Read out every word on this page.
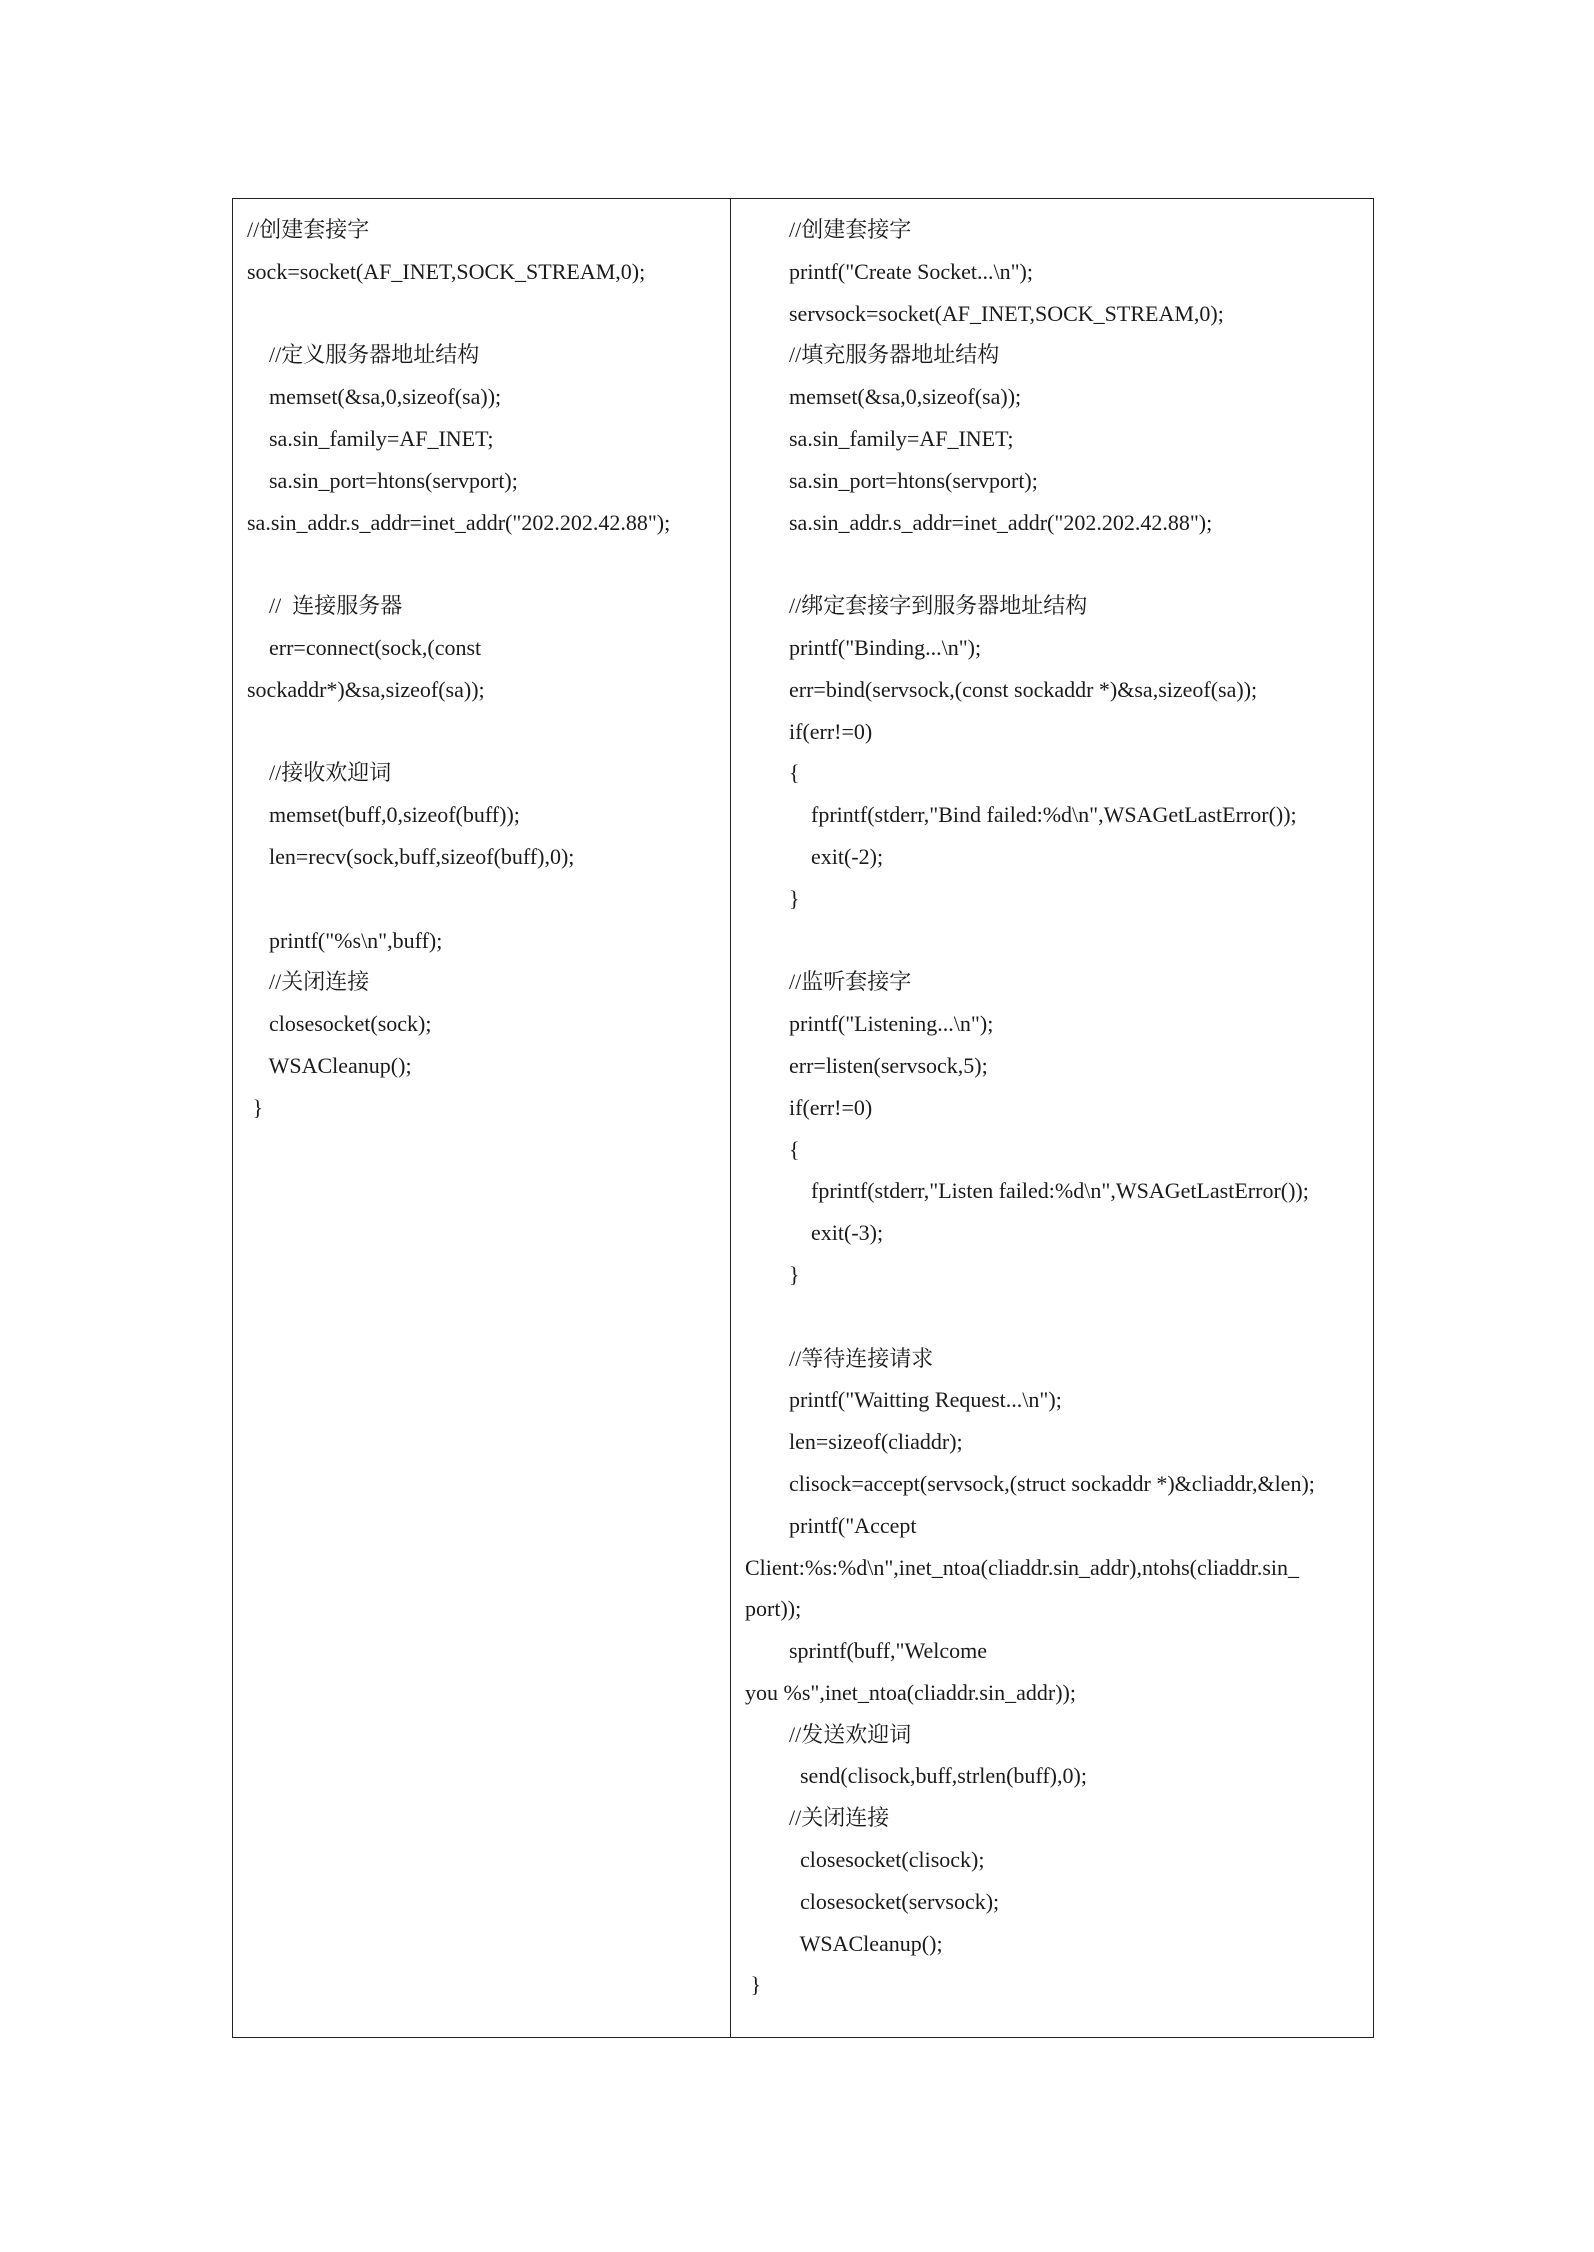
//创建套接字
sock=socket(AF_INET,SOCK_STREAM,0);
//定义服务器地址结构
memset(&sa,0,sizeof(sa));
sa.sin_family=AF_INET;
sa.sin_port=htons(servport);
sa.sin_addr.s_addr=inet_addr("202.202.42.88");
//  连接服务器
err=connect(sock,(const
sockaddr*)&sa,sizeof(sa));
//接收欢迎词
memset(buff,0,sizeof(buff));
len=recv(sock,buff,sizeof(buff),0);
printf("%s\n",buff);
//关闭连接
closesocket(sock);
WSACleanup();
}
//创建套接字
printf("Create Socket...\n");
servsock=socket(AF_INET,SOCK_STREAM,0);
//填充服务器地址结构
memset(&sa,0,sizeof(sa));
sa.sin_family=AF_INET;
sa.sin_port=htons(servport);
sa.sin_addr.s_addr=inet_addr("202.202.42.88");
//绑定套接字到服务器地址结构
printf("Binding...\n");
err=bind(servsock,(const sockaddr *)&sa,sizeof(sa));
if(err!=0)
{
fprintf(stderr,"Bind failed:%d\n",WSAGetLastError());
exit(-2);
}
//监听套接字
printf("Listening...\n");
err=listen(servsock,5);
if(err!=0)
{
fprintf(stderr,"Listen failed:%d\n",WSAGetLastError());
exit(-3);
}
//等待连接请求
printf("Waitting Request...\n");
len=sizeof(cliaddr);
clisock=accept(servsock,(struct sockaddr *)&cliaddr,&len);
printf("Accept
Client:%s:%d\n",inet_ntoa(cliaddr.sin_addr),ntohs(cliaddr.sin_
port));
sprintf(buff,"Welcome
you %s",inet_ntoa(cliaddr.sin_addr));
//发送欢迎词
send(clisock,buff,strlen(buff),0);
//关闭连接
closesocket(clisock);
closesocket(servsock);
WSACleanup();
}
